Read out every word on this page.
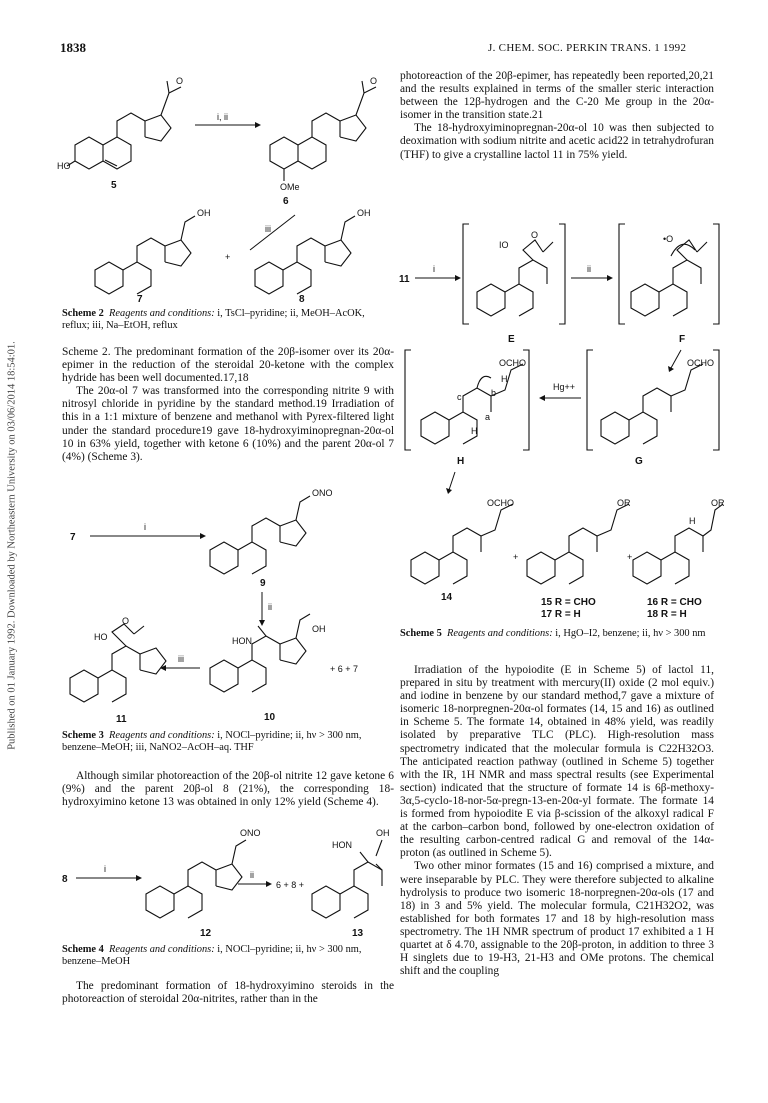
1838	J. CHEM. SOC. PERKIN TRANS. 1 1992
Published on 01 January 1992. Downloaded by Northeastern University on 03/06/2014 18:54:01.
HO
O
5
i, ii
O
OMe
6
iii
OH
7
+
OH
8
Scheme 2 Reagents and conditions: i, TsCl–pyridine; ii, MeOH–AcOK, reflux; iii, Na–EtOH, reflux

Scheme 2. The predominant formation of the 20β-isomer over its 20α-epimer in the reduction of the steroidal 20-ketone with the complex hydride has been well documented.17,18

The 20α-ol 7 was transformed into the corresponding nitrite 9 with nitrosyl chloride in pyridine by the standard method.19 Irradiation of this in a 1:1 mixture of benzene and methanol with Pyrex-filtered light under the standard procedure19 gave 18-hydroxyiminopregnan-20α-ol 10 in 63% yield, together with ketone 6 (10%) and the parent 20α-ol 7 (4%) (Scheme 3).

7
i
ONO
9
ii
HON
OH
10
+ 6 + 7
iii
HO
O
11
Scheme 3 Reagents and conditions: i, NOCl–pyridine; ii, hν > 300 nm, benzene–MeOH; iii, NaNO2–AcOH–aq. THF

Although similar photoreaction of the 20β-ol nitrite 12 gave ketone 6 (9%) and the parent 20β-ol 8 (21%), the corresponding 18-hydroxyimino ketone 13 was obtained in only 12% yield (Scheme 4).

8
i
ONO
12
ii
6 + 8 +
HON
OH
13
Scheme 4 Reagents and conditions: i, NOCl–pyridine; ii, hν > 300 nm, benzene–MeOH

The predominant formation of 18-hydroxyimino steroids in the photoreaction of steroidal 20α-nitrites, rather than in the

photoreaction of the 20β-epimer, has repeatedly been reported,20,21 and the results explained in terms of the smaller steric interaction between the 12β-hydrogen and the C-20 Me group in the 20α-isomer in the transition state.21

The 18-hydroxyiminopregnan-20α-ol 10 was then subjected to deoximation with sodium nitrite and acetic acid22 in tetrahydrofuran (THF) to give a crystalline lactol 11 in 75% yield.

11
i
IO
O
E
ii
•O
F
OCHO
b
H
c
a
H
H
Hg++
OCHO
G
OCHO
14
+
OR
15 R = CHO
17 R = H
+
OR
H
16 R = CHO
18 R = H
Scheme 5 Reagents and conditions: i, HgO–I2, benzene; ii, hν > 300 nm

Irradiation of the hypoiodite (E in Scheme 5) of lactol 11, prepared in situ by treatment with mercury(II) oxide (2 mol equiv.) and iodine in benzene by our standard method,7 gave a mixture of isomeric 18-norpregnen-20α-ol formates (14, 15 and 16) as outlined in Scheme 5. The formate 14, obtained in 48% yield, was readily isolated by preparative TLC (PLC). High-resolution mass spectrometry indicated that the molecular formula is C22H32O3. The anticipated reaction pathway (outlined in Scheme 5) together with the IR, 1H NMR and mass spectral results (see Experimental section) indicated that the structure of formate 14 is 6β-methoxy-3α,5-cyclo-18-nor-5α-pregn-13-en-20α-yl formate. The formate 14 is formed from hypoiodite E via β-scission of the alkoxyl radical F at the carbon–carbon bond, followed by one-electron oxidation of the resulting carbon-centred radical G and removal of the 14α-proton (as outlined in Scheme 5).

Two other minor formates (15 and 16) comprised a mixture, and were inseparable by PLC. They were therefore subjected to alkaline hydrolysis to produce two isomeric 18-norpregnen-20α-ols (17 and 18) in 3 and 5% yield. The molecular formula, C21H32O2, was established for both formates 17 and 18 by high-resolution mass spectrometry. The 1H NMR spectrum of product 17 exhibited a 1 H quartet at δ 4.70, assignable to the 20β-proton, in addition to three 3 H singlets due to 19-H3, 21-H3 and OMe protons. The chemical shift and the coupling
